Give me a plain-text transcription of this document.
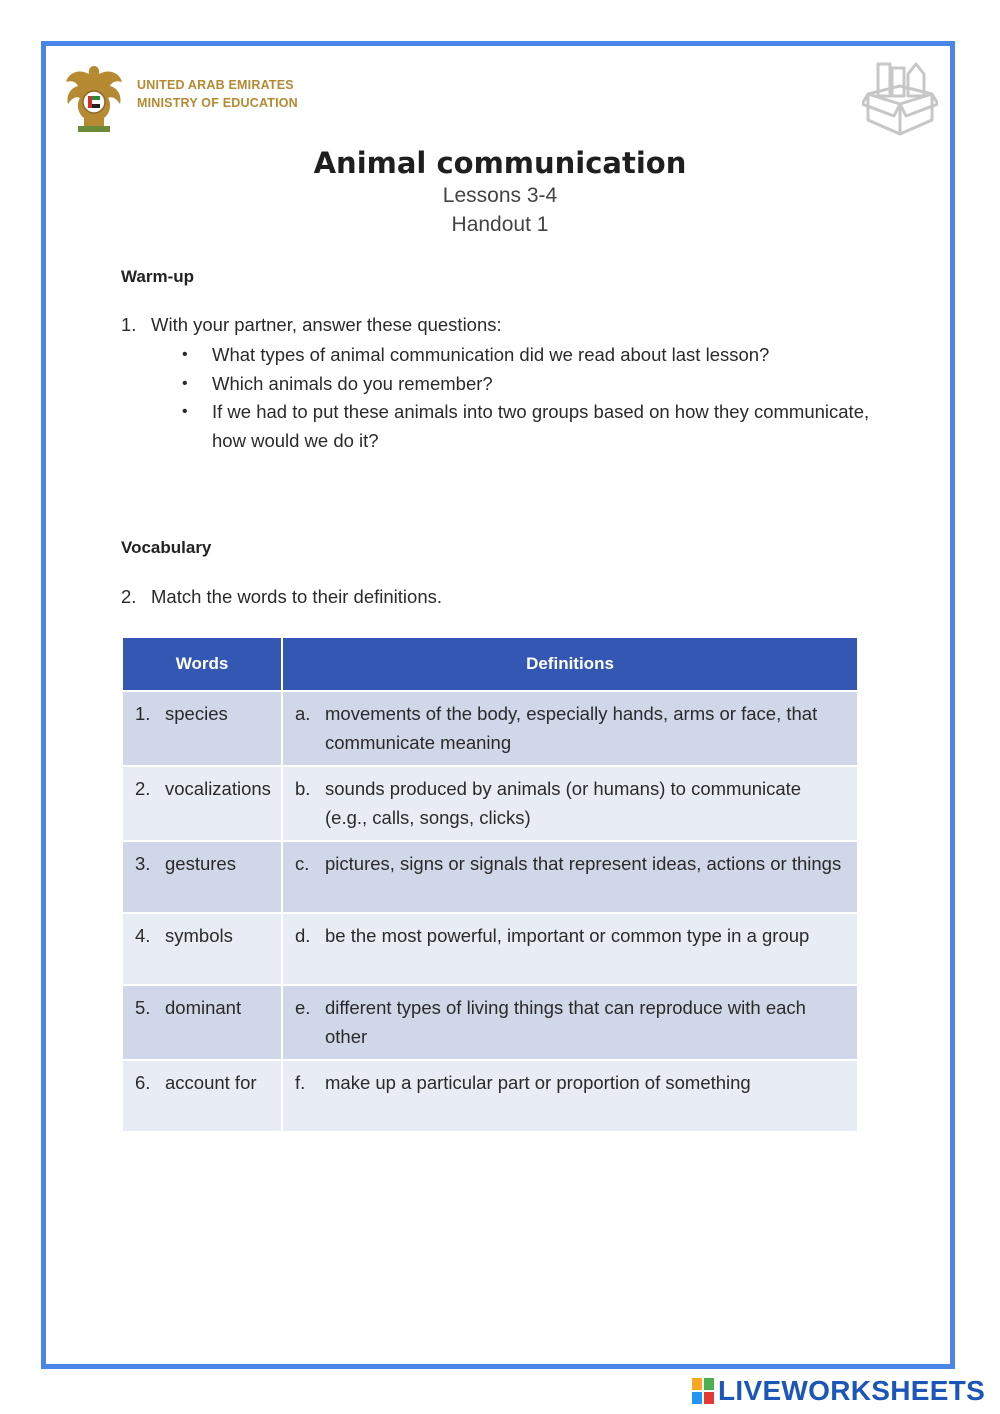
UNITED ARAB EMIRATES
MINISTRY OF EDUCATION
Animal communication
Lessons 3-4
Handout 1
Warm-up
1. With your partner, answer these questions:
• What types of animal communication did we read about last lesson?
• Which animals do you remember?
• If we had to put these animals into two groups based on how they communicate, how would we do it?
Vocabulary
2. Match the words to their definitions.
Words	Definitions
1. species	a. movements of the body, especially hands, arms or face, that communicate meaning

2. vocalizations	b. sounds produced by animals (or humans) to communicate (e.g., calls, songs, clicks)

3. gestures	c. pictures, signs or signals that represent ideas, actions or things

4. symbols	d. be the most powerful, important or common type in a group

5. dominant	e. different types of living things that can reproduce with each other

6. account for	f. make up a particular part or proportion of something
LIVEWORKSHEETS
